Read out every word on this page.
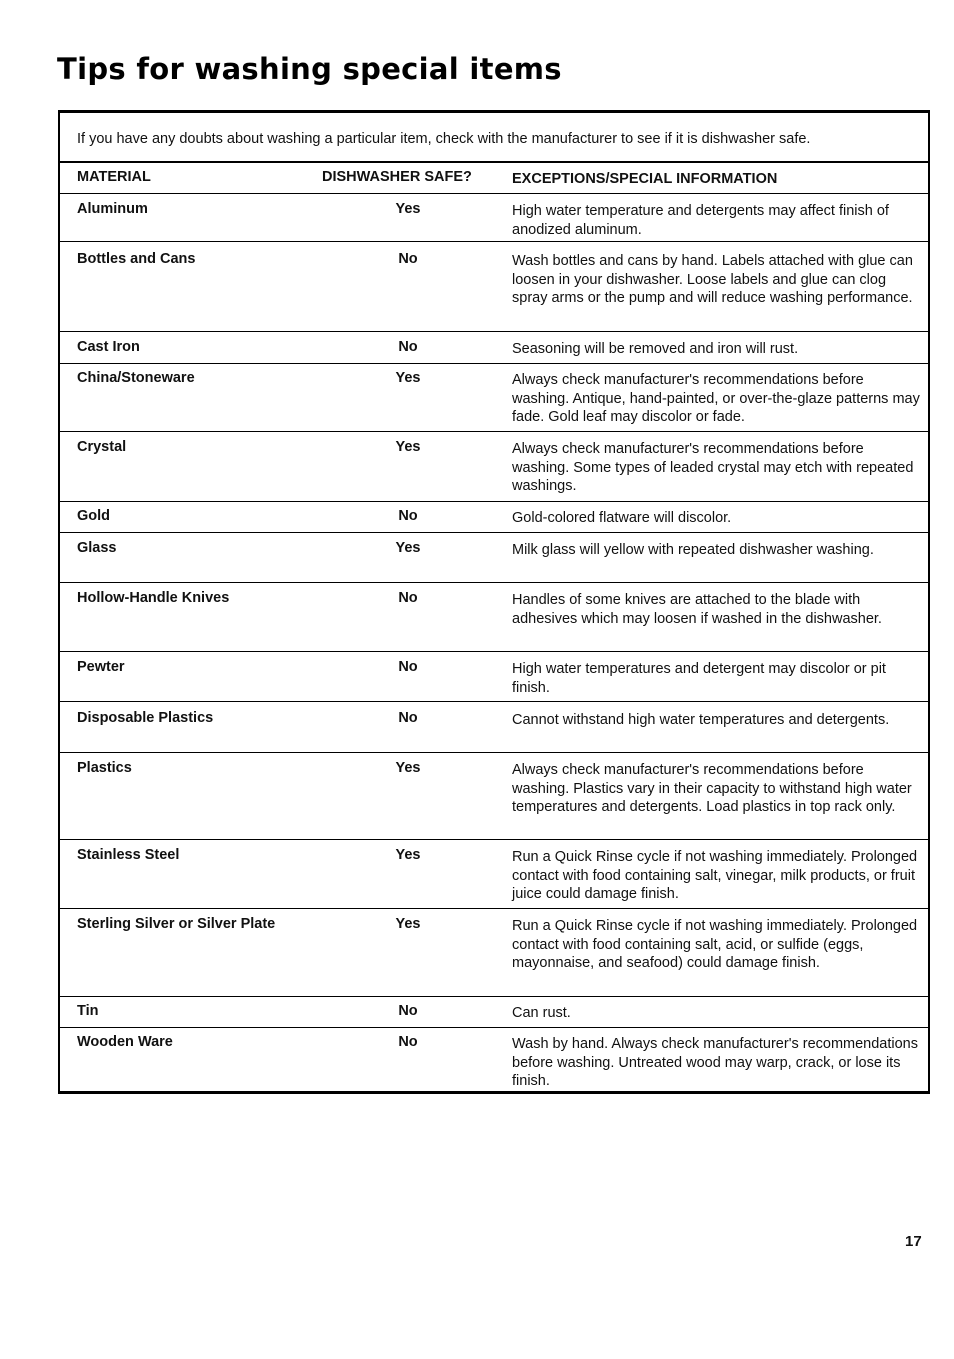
Tips for washing special items

If you have any doubts about washing a particular item, check with the manufacturer to see if it is dishwasher safe.

MATERIAL	DISHWASHER SAFE?	EXCEPTIONS/SPECIAL INFORMATION
Aluminum	Yes	High water temperature and detergents may affect finish of anodized aluminum.
Bottles and Cans	No	Wash bottles and cans by hand. Labels attached with glue can loosen in your dishwasher. Loose labels and glue can clog spray arms or the pump and will reduce washing performance.
Cast Iron	No	Seasoning will be removed and iron will rust.
China/Stoneware	Yes	Always check manufacturer's recommendations before washing. Antique, hand-painted, or over-the-glaze patterns may fade. Gold leaf may discolor or fade.
Crystal	Yes	Always check manufacturer's recommendations before washing. Some types of leaded crystal may etch with repeated washings.
Gold	No	Gold-colored flatware will discolor.
Glass	Yes	Milk glass will yellow with repeated dishwasher washing.
Hollow-Handle Knives	No	Handles of some knives are attached to the blade with adhesives which may loosen if washed in the dishwasher.
Pewter	No	High water temperatures and detergent may discolor or pit finish.
Disposable Plastics	No	Cannot withstand high water temperatures and detergents.
Plastics	Yes	Always check manufacturer's recommendations before washing. Plastics vary in their capacity to withstand high water temperatures and detergents. Load plastics in top rack only.
Stainless Steel	Yes	Run a Quick Rinse cycle if not washing immediately. Prolonged contact with food containing salt, vinegar, milk products, or fruit juice could damage finish.
Sterling Silver or Silver Plate	Yes	Run a Quick Rinse cycle if not washing immediately. Prolonged contact with food containing salt, acid, or sulfide (eggs, mayonnaise, and seafood) could damage finish.
Tin	No	Can rust.
Wooden Ware	No	Wash by hand. Always check manufacturer's recommendations before washing. Untreated wood may warp, crack, or lose its finish.
17
